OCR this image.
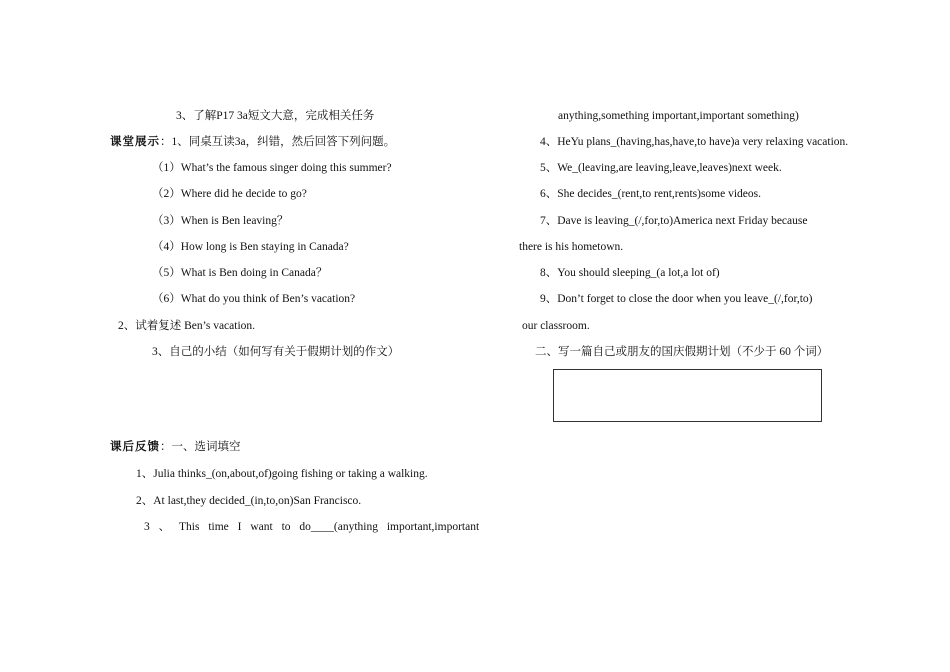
3、了解P17 3a短文大意，完成相关任务
课堂展示：1、同桌互读3a，纠错，然后回答下列问题。
（1）What’s the famous singer doing this summer?
（2）Where did he decide to go?
（3）When is Ben leaving？
（4）How long is Ben staying in Canada?
（5）What is Ben doing in Canada？
（6）What do you think of Ben’s vacation?
2、试着复述 Ben’s vacation.
3、自己的小结（如何写有关于假期计划的作文）
课后反馈：一、选词填空
1、Julia thinks_(on,about,of)going fishing or taking a walking.
2、At last,they decided_(in,to,on)San Francisco.
3 、 This time I want to do____(anything important,important
anything,something important,important something)
4、HeYu plans_(having,has,have,to have)a very relaxing vacation.
5、We_(leaving,are leaving,leave,leaves)next week.
6、She decides_(rent,to rent,rents)some videos.
7、Dave is leaving_(/,for,to)America next Friday because
there is his hometown.
8、You should sleeping_(a lot,a lot of)
9、Don’t forget to close the door when you leave_(/,for,to)
our classroom.
二、写一篇自己或朋友的国庆假期计划（不少于 60 个词）
